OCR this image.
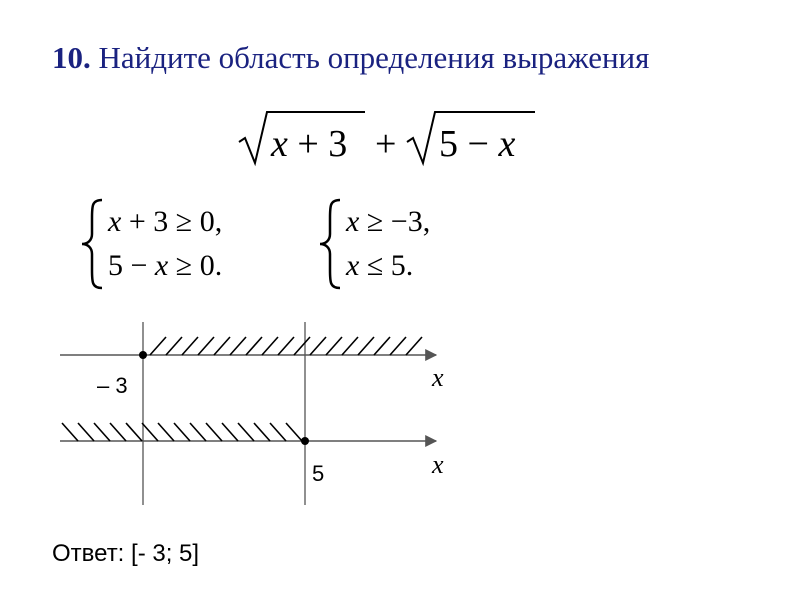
10. Найдите область определения выражения
x + 3 + 5 − x
x + 3 ≥ 0,
5 − x ≥ 0.
x ≥ −3,
x ≤ 5.
x
x
– 3
5
Ответ: [- 3; 5]
